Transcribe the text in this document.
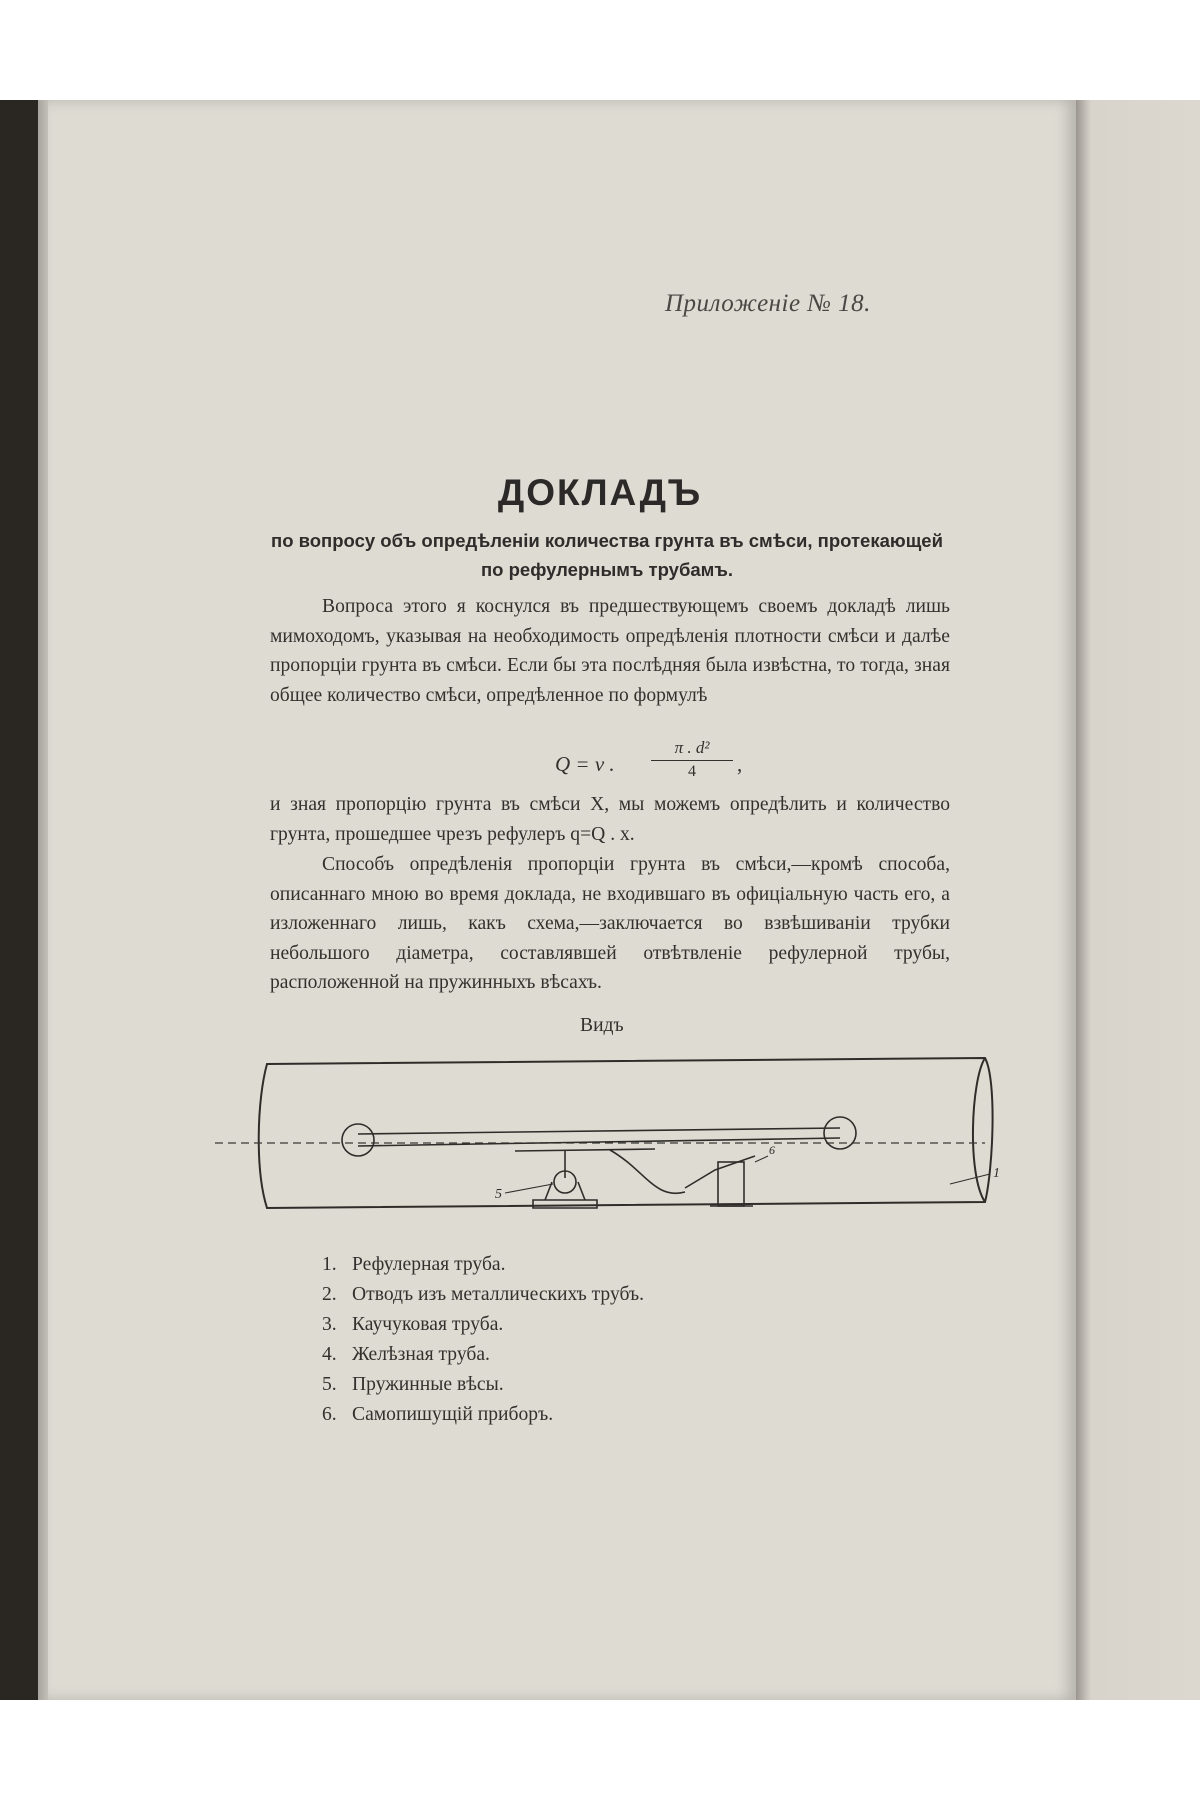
Приложенiе № 18.
ДОКЛАДЪ
по вопросу объ опредѣленiи количества грунта въ смѣси, протекающей по рефулернымъ трубамъ.

Вопроса этого я коснулся въ предшествующемъ своемъ докладѣ лишь мимоходомъ, указывая на необходимость опредѣленiя плотности смѣси и далѣе пропорцiи грунта въ смѣси. Если бы эта послѣдняя была извѣстна, то тогда, зная общее количество смѣси, опредѣленное по формулѣ

Q = v .
π . d²
4	,

и зная пропорцiю грунта въ смѣси X, мы можемъ опредѣлить и количество грунта, прошедшее чрезъ рефулеръ q=Q . x.

Способъ опредѣленiя пропорцiи грунта въ смѣси,—кромѣ способа, описаннаго мною во время доклада, не входившаго въ офицiальную часть его, а изложеннаго лишь, какъ схема,—заключается во взвѣшиванiи трубки небольшого дiаметра, составлявшей отвѣтвленiе рефулерной трубы, расположенной на пружинныхъ вѣсахъ.

Видъ
1
5
6
1. Рефулерная труба.
2. Отводъ изъ металлическихъ трубъ.
3. Каучуковая труба.
4. Желѣзная труба.
5. Пружинные вѣсы.
6. Самопишущiй приборъ.
